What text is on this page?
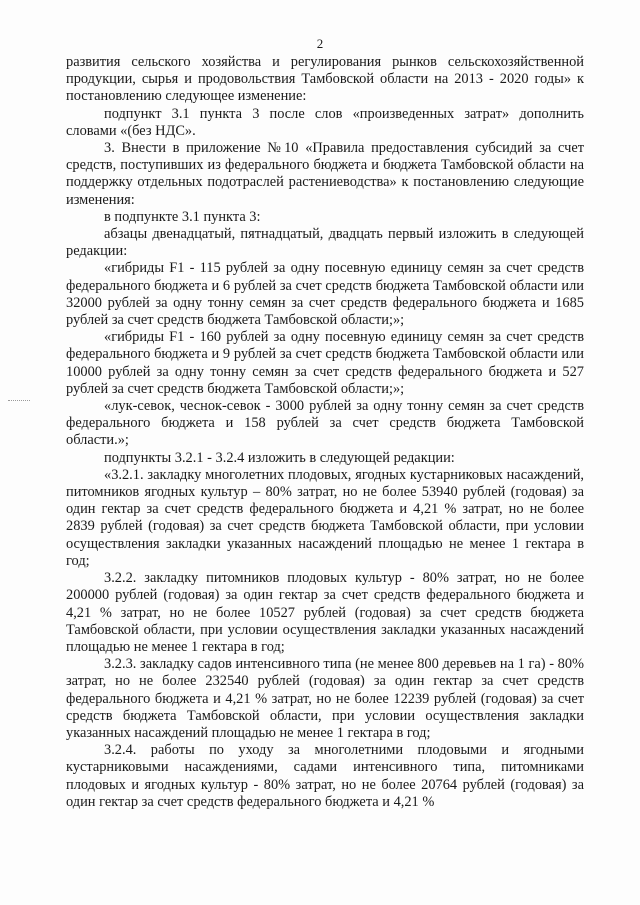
2

развития сельского хозяйства и регулирования рынков сельскохозяйственной продукции, сырья и продовольствия Тамбовской области на 2013 - 2020 годы» к постановлению следующее изменение:

подпункт 3.1 пункта 3 после слов «произведенных затрат» дополнить словами «(без НДС».

3. Внести в приложение №10 «Правила предоставления субсидий за счет средств, поступивших из федерального бюджета и бюджета Тамбовской области на поддержку отдельных подотраслей растениеводства» к постановлению следующие изменения:

в подпункте 3.1 пункта 3:

абзацы двенадцатый, пятнадцатый, двадцать первый изложить в следующей редакции:

«гибриды F1 - 115 рублей за одну посевную единицу семян за счет средств федерального бюджета и 6 рублей за счет средств бюджета Тамбовской области или 32000 рублей за одну тонну семян за счет средств федерального бюджета и 1685 рублей за счет средств бюджета Тамбовской области;»;

«гибриды F1 - 160 рублей за одну посевную единицу семян за счет средств федерального бюджета и 9 рублей за счет средств бюджета Тамбовской области или 10000 рублей за одну тонну семян за счет средств федерального бюджета и 527 рублей за счет средств бюджета Тамбовской области;»;

«лук-севок, чеснок-севок - 3000 рублей за одну тонну семян за счет средств федерального бюджета и 158 рублей за счет средств бюджета Тамбовской области.»;

подпункты 3.2.1 - 3.2.4 изложить в следующей редакции:

«3.2.1. закладку многолетних плодовых, ягодных кустарниковых насаждений, питомников ягодных культур – 80% затрат, но не более 53940 рублей (годовая) за один гектар за счет средств федерального бюджета и 4,21 % затрат, но не более 2839 рублей (годовая) за счет средств бюджета Тамбовской области, при условии осуществления закладки указанных насаждений площадью не менее 1 гектара в год;

3.2.2. закладку питомников плодовых культур - 80% затрат, но не более 200000 рублей (годовая) за один гектар за счет средств федерального бюджета и 4,21 % затрат, но не более 10527 рублей (годовая) за счет средств бюджета Тамбовской области, при условии осуществления закладки указанных насаждений площадью не менее 1 гектара в год;

3.2.3. закладку садов интенсивного типа (не менее 800 деревьев на 1 га) - 80% затрат, но не более 232540 рублей (годовая) за один гектар за счет средств федерального бюджета и 4,21 % затрат, но не более 12239 рублей (годовая) за счет средств бюджета Тамбовской области, при условии осуществления закладки указанных насаждений площадью не менее 1 гектара в год;

3.2.4. работы по уходу за многолетними плодовыми и ягодными кустарниковыми насаждениями, садами интенсивного типа, питомниками плодовых и ягодных культур - 80% затрат, но не более 20764 рублей (годовая) за один гектар за счет средств федерального бюджета и 4,21 %
